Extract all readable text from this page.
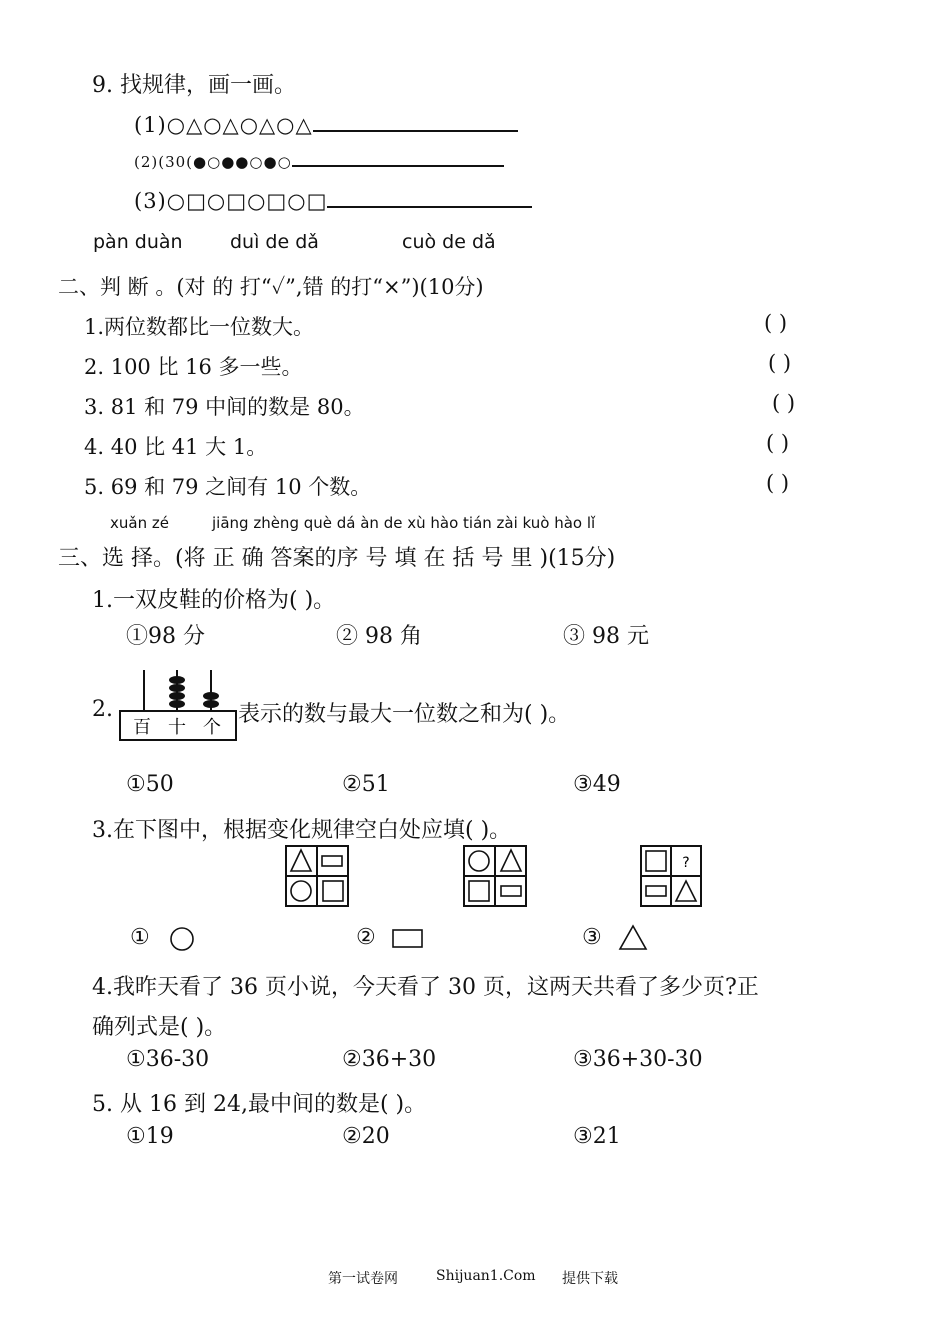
9. 找规律，画一画。
(1)○△○△○△○△
(2)(30(●○●●○●○
(3)○□○□○□○□
pàn duàn duì de dǎ	cuò de dǎ
二、判 断 。(对 的 打“✓”,错 的打“×”)(10分)
1.两位数都比一位数大。	( )
2. 100 比 16 多一些。	( )
3. 81 和 79 中间的数是 80。	( )
4. 40 比 41 大 1。	( )
5. 69 和 79 之间有 10 个数。	( )
xuǎn zé	jiāng zhèng què dá àn de xù hào tián zài kuò hào lǐ
三、选 择。(将 正 确 答案的序 号 填 在 括 号 里 )(15分)
1.一双皮鞋的价格为( )。
①98 分	② 98 角	③ 98 元
2.
百 十 个
表示的数与最大一位数之和为( )。
①50	②51	③49
3.在下图中，根据变化规律空白处应填( )。
?
①	②	③
4.我昨天看了 36 页小说，今天看了 30 页，这两天共看了多少页?正
确列式是( )。
①36-30	②36+30	③36+30-30
5. 从 16 到 24,最中间的数是( )。
①19	②20	③21
第一试卷网	Shijuan1.Com 提供下载
